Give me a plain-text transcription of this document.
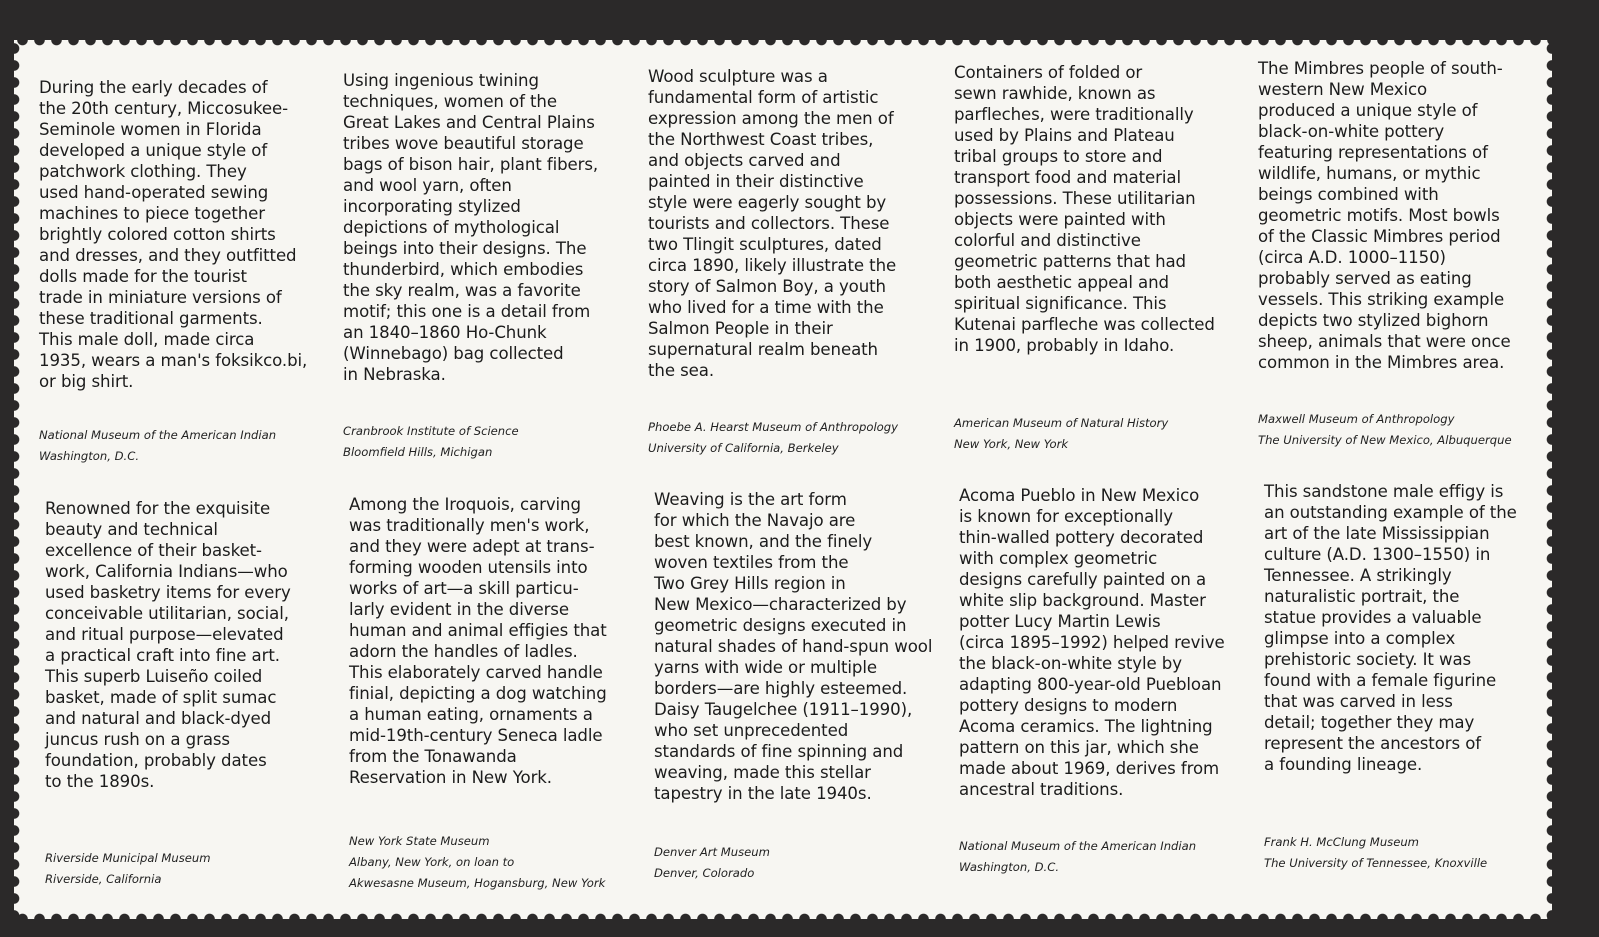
During the early decades of
the 20th century, Miccosukee-
Seminole women in Florida
developed a unique style of
patchwork clothing. They
used hand-operated sewing
machines to piece together
brightly colored cotton shirts
and dresses, and they outfitted
dolls made for the tourist
trade in miniature versions of
these traditional garments.
This male doll, made circa
1935, wears a man's foksikco.bi,
or big shirt.

National Museum of the American Indian
Washington, D.C.

Using ingenious twining
techniques, women of the
Great Lakes and Central Plains
tribes wove beautiful storage
bags of bison hair, plant fibers,
and wool yarn, often
incorporating stylized
depictions of mythological
beings into their designs. The
thunderbird, which embodies
the sky realm, was a favorite
motif; this one is a detail from
an 1840–1860 Ho-Chunk
(Winnebago) bag collected
in Nebraska.

Cranbrook Institute of Science
Bloomfield Hills, Michigan

Wood sculpture was a
fundamental form of artistic
expression among the men of
the Northwest Coast tribes,
and objects carved and
painted in their distinctive
style were eagerly sought by
tourists and collectors. These
two Tlingit sculptures, dated
circa 1890, likely illustrate the
story of Salmon Boy, a youth
who lived for a time with the
Salmon People in their
supernatural realm beneath
the sea.

Phoebe A. Hearst Museum of Anthropology
University of California, Berkeley

Containers of folded or
sewn rawhide, known as
parfleches, were traditionally
used by Plains and Plateau
tribal groups to store and
transport food and material
possessions. These utilitarian
objects were painted with
colorful and distinctive
geometric patterns that had
both aesthetic appeal and
spiritual significance. This
Kutenai parfleche was collected
in 1900, probably in Idaho.

American Museum of Natural History
New York, New York

The Mimbres people of south-
western New Mexico
produced a unique style of
black-on-white pottery
featuring representations of
wildlife, humans, or mythic
beings combined with
geometric motifs. Most bowls
of the Classic Mimbres period
(circa A.D. 1000–1150)
probably served as eating
vessels. This striking example
depicts two stylized bighorn
sheep, animals that were once
common in the Mimbres area.

Maxwell Museum of Anthropology
The University of New Mexico, Albuquerque

Renowned for the exquisite
beauty and technical
excellence of their basket-
work, California Indians—who
used basketry items for every
conceivable utilitarian, social,
and ritual purpose—elevated
a practical craft into fine art.
This superb Luiseño coiled
basket, made of split sumac
and natural and black-dyed
juncus rush on a grass
foundation, probably dates
to the 1890s.

Riverside Municipal Museum
Riverside, California

Among the Iroquois, carving
was traditionally men's work,
and they were adept at trans-
forming wooden utensils into
works of art—a skill particu-
larly evident in the diverse
human and animal effigies that
adorn the handles of ladles.
This elaborately carved handle
finial, depicting a dog watching
a human eating, ornaments a
mid-19th-century Seneca ladle
from the Tonawanda
Reservation in New York.

New York State Museum
Albany, New York, on loan to
Akwesasne Museum, Hogansburg, New York

Weaving is the art form
for which the Navajo are
best known, and the finely
woven textiles from the
Two Grey Hills region in
New Mexico—characterized by
geometric designs executed in
natural shades of hand-spun wool
yarns with wide or multiple
borders—are highly esteemed.
Daisy Taugelchee (1911–1990),
who set unprecedented
standards of fine spinning and
weaving, made this stellar
tapestry in the late 1940s.

Denver Art Museum
Denver, Colorado

Acoma Pueblo in New Mexico
is known for exceptionally
thin-walled pottery decorated
with complex geometric
designs carefully painted on a
white slip background. Master
potter Lucy Martin Lewis
(circa 1895–1992) helped revive
the black-on-white style by
adapting 800-year-old Puebloan
pottery designs to modern
Acoma ceramics. The lightning
pattern on this jar, which she
made about 1969, derives from
ancestral traditions.

National Museum of the American Indian
Washington, D.C.

This sandstone male effigy is
an outstanding example of the
art of the late Mississippian
culture (A.D. 1300–1550) in
Tennessee. A strikingly
naturalistic portrait, the
statue provides a valuable
glimpse into a complex
prehistoric society. It was
found with a female figurine
that was carved in less
detail; together they may
represent the ancestors of
a founding lineage.

Frank H. McClung Museum
The University of Tennessee, Knoxville
